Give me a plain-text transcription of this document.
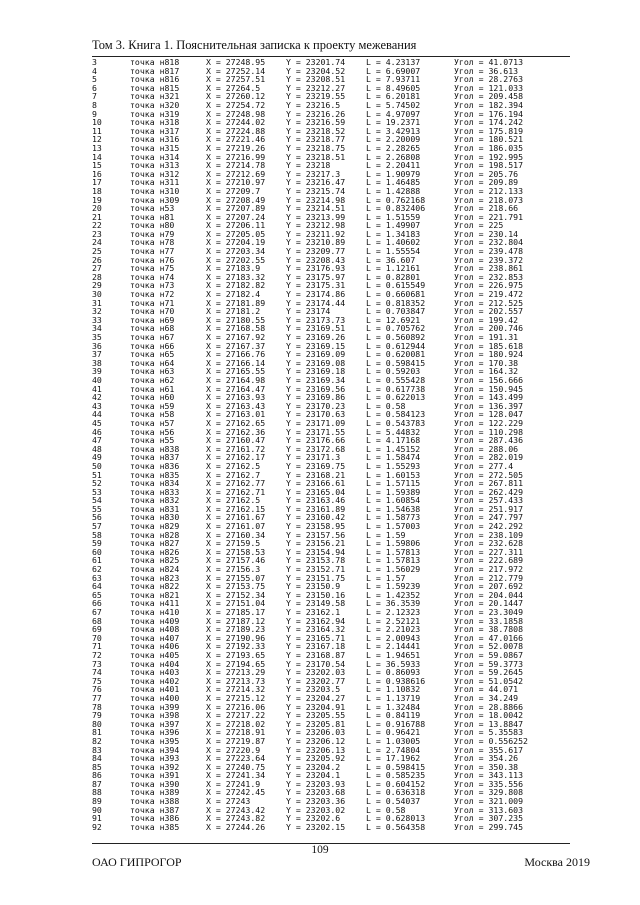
Том 3. Книга 1. Пояснительная записка к проекту межевания
3	точка н818	X = 27248.95	Y = 23201.74	L = 4.23137	Угол = 41.0713
4	точка н817	X = 27252.14	Y = 23204.52	L = 6.69007	Угол = 36.613
5	точка н816	X = 27257.51	Y = 23208.51	L = 7.93711	Угол = 28.2763
6	точка н815	X = 27264.5	Y = 23212.27	L = 8.49605	Угол = 121.033
7	точка н321	X = 27260.12	Y = 23219.55	L = 6.20181	Угол = 209.458
8	точка н320	X = 27254.72	Y = 23216.5	L = 5.74502	Угол = 182.394
9	точка н319	X = 27248.98	Y = 23216.26	L = 4.97097	Угол = 176.194
10	точка н318	X = 27244.02	Y = 23216.59	L = 19.2371	Угол = 174.242
11	точка н317	X = 27224.88	Y = 23218.52	L = 3.42913	Угол = 175.819
12	точка н316	X = 27221.46	Y = 23218.77	L = 2.20009	Угол = 180.521
13	точка н315	X = 27219.26	Y = 23218.75	L = 2.28265	Угол = 186.035
14	точка н314	X = 27216.99	Y = 23218.51	L = 2.26808	Угол = 192.995
15	точка н313	X = 27214.78	Y = 23218	L = 2.20411	Угол = 198.517
16	точка н312	X = 27212.69	Y = 23217.3	L = 1.90979	Угол = 205.76
17	точка н311	X = 27210.97	Y = 23216.47	L = 1.46485	Угол = 209.89
18	точка н310	X = 27209.7	Y = 23215.74	L = 1.42888	Угол = 212.133
19	точка н309	X = 27208.49	Y = 23214.98	L = 0.762168	Угол = 218.073
20	точка н53	X = 27207.89	Y = 23214.51	L = 0.832406	Угол = 218.66
21	точка н81	X = 27207.24	Y = 23213.99	L = 1.51559	Угол = 221.791
22	точка н80	X = 27206.11	Y = 23212.98	L = 1.49907	Угол = 225
23	точка н79	X = 27205.05	Y = 23211.92	L = 1.34183	Угол = 230.14
24	точка н78	X = 27204.19	Y = 23210.89	L = 1.40602	Угол = 232.804
25	точка н77	X = 27203.34	Y = 23209.77	L = 1.55554	Угол = 239.478
26	точка н76	X = 27202.55	Y = 23208.43	L = 36.607	Угол = 239.372
27	точка н75	X = 27183.9	Y = 23176.93	L = 1.12161	Угол = 238.861
28	точка н74	X = 27183.32	Y = 23175.97	L = 0.82801	Угол = 232.853
29	точка н73	X = 27182.82	Y = 23175.31	L = 0.615549	Угол = 226.975
30	точка н72	X = 27182.4	Y = 23174.86	L = 0.660681	Угол = 219.472
31	точка н71	X = 27181.89	Y = 23174.44	L = 0.818352	Угол = 212.525
32	точка н70	X = 27181.2	Y = 23174	L = 0.703847	Угол = 202.557
33	точка н69	X = 27180.55	Y = 23173.73	L = 12.6921	Угол = 199.42
34	точка н68	X = 27168.58	Y = 23169.51	L = 0.705762	Угол = 200.746
35	точка н67	X = 27167.92	Y = 23169.26	L = 0.560892	Угол = 191.31
36	точка н66	X = 27167.37	Y = 23169.15	L = 0.612944	Угол = 185.618
37	точка н65	X = 27166.76	Y = 23169.09	L = 0.620081	Угол = 180.924
38	точка н64	X = 27166.14	Y = 23169.08	L = 0.598415	Угол = 170.38
39	точка н63	X = 27165.55	Y = 23169.18	L = 0.59203	Угол = 164.32
40	точка н62	X = 27164.98	Y = 23169.34	L = 0.555428	Угол = 156.666
41	точка н61	X = 27164.47	Y = 23169.56	L = 0.617738	Угол = 150.945
42	точка н60	X = 27163.93	Y = 23169.86	L = 0.622013	Угол = 143.499
43	точка н59	X = 27163.43	Y = 23170.23	L = 0.58	Угол = 136.397
44	точка н58	X = 27163.01	Y = 23170.63	L = 0.584123	Угол = 128.047
45	точка н57	X = 27162.65	Y = 23171.09	L = 0.543783	Угол = 122.229
46	точка н56	X = 27162.36	Y = 23171.55	L = 5.44832	Угол = 110.298
47	точка н55	X = 27160.47	Y = 23176.66	L = 4.17168	Угол = 287.436
48	точка н838	X = 27161.72	Y = 23172.68	L = 1.45152	Угол = 288.06
49	точка н837	X = 27162.17	Y = 23171.3	L = 1.58474	Угол = 282.019
50	точка н836	X = 27162.5	Y = 23169.75	L = 1.55293	Угол = 277.4
51	точка н835	X = 27162.7	Y = 23168.21	L = 1.60153	Угол = 272.505
52	точка н834	X = 27162.77	Y = 23166.61	L = 1.57115	Угол = 267.811
53	точка н833	X = 27162.71	Y = 23165.04	L = 1.59389	Угол = 262.429
54	точка н832	X = 27162.5	Y = 23163.46	L = 1.60854	Угол = 257.433
55	точка н831	X = 27162.15	Y = 23161.89	L = 1.54638	Угол = 251.917
56	точка н830	X = 27161.67	Y = 23160.42	L = 1.58773	Угол = 247.797
57	точка н829	X = 27161.07	Y = 23158.95	L = 1.57003	Угол = 242.292
58	точка н828	X = 27160.34	Y = 23157.56	L = 1.59	Угол = 238.109
59	точка н827	X = 27159.5	Y = 23156.21	L = 1.59806	Угол = 232.628
60	точка н826	X = 27158.53	Y = 23154.94	L = 1.57813	Угол = 227.311
61	точка н825	X = 27157.46	Y = 23153.78	L = 1.57813	Угол = 222.689
62	точка н824	X = 27156.3	Y = 23152.71	L = 1.56029	Угол = 217.972
63	точка н823	X = 27155.07	Y = 23151.75	L = 1.57	Угол = 212.779
64	точка н822	X = 27153.75	Y = 23150.9	L = 1.59239	Угол = 207.692
65	точка н821	X = 27152.34	Y = 23150.16	L = 1.42352	Угол = 204.044
66	точка н411	X = 27151.04	Y = 23149.58	L = 36.3539	Угол = 20.1447
67	точка н410	X = 27185.17	Y = 23162.1	L = 2.12323	Угол = 23.3049
68	точка н409	X = 27187.12	Y = 23162.94	L = 2.52121	Угол = 33.1858
69	точка н408	X = 27189.23	Y = 23164.32	L = 2.21023	Угол = 38.7808
70	точка н407	X = 27190.96	Y = 23165.71	L = 2.00943	Угол = 47.0166
71	точка н406	X = 27192.33	Y = 23167.18	L = 2.14441	Угол = 52.0078
72	точка н405	X = 27193.65	Y = 23168.87	L = 1.94651	Угол = 59.0867
73	точка н404	X = 27194.65	Y = 23170.54	L = 36.5933	Угол = 59.3773
74	точка н403	X = 27213.29	Y = 23202.03	L = 0.86093	Угол = 59.2645
75	точка н402	X = 27213.73	Y = 23202.77	L = 0.938616	Угол = 51.0542
76	точка н401	X = 27214.32	Y = 23203.5	L = 1.10832	Угол = 44.071
77	точка н400	X = 27215.12	Y = 23204.27	L = 1.13719	Угол = 34.249
78	точка н399	X = 27216.06	Y = 23204.91	L = 1.32484	Угол = 28.8866
79	точка н398	X = 27217.22	Y = 23205.55	L = 0.84119	Угол = 18.0042
80	точка н397	X = 27218.02	Y = 23205.81	L = 0.916788	Угол = 13.8847
81	точка н396	X = 27218.91	Y = 23206.03	L = 0.96421	Угол = 5.35583
82	точка н395	X = 27219.87	Y = 23206.12	L = 1.03005	Угол = 0.556252
83	точка н394	X = 27220.9	Y = 23206.13	L = 2.74804	Угол = 355.617
84	точка н393	X = 27223.64	Y = 23205.92	L = 17.1962	Угол = 354.26
85	точка н392	X = 27240.75	Y = 23204.2	L = 0.598415	Угол = 350.38
86	точка н391	X = 27241.34	Y = 23204.1	L = 0.585235	Угол = 343.113
87	точка н390	X = 27241.9	Y = 23203.93	L = 0.604152	Угол = 335.556
88	точка н389	X = 27242.45	Y = 23203.68	L = 0.636318	Угол = 329.808
89	точка н388	X = 27243	Y = 23203.36	L = 0.54037	Угол = 321.009
90	точка н387	X = 27243.42	Y = 23203.02	L = 0.58	Угол = 313.603
91	точка н386	X = 27243.82	Y = 23202.6	L = 0.628013	Угол = 307.235
92	точка н385	X = 27244.26	Y = 23202.15	L = 0.564358	Угол = 299.745
109
ОАО ГИПРОГОР	Москва 2019
